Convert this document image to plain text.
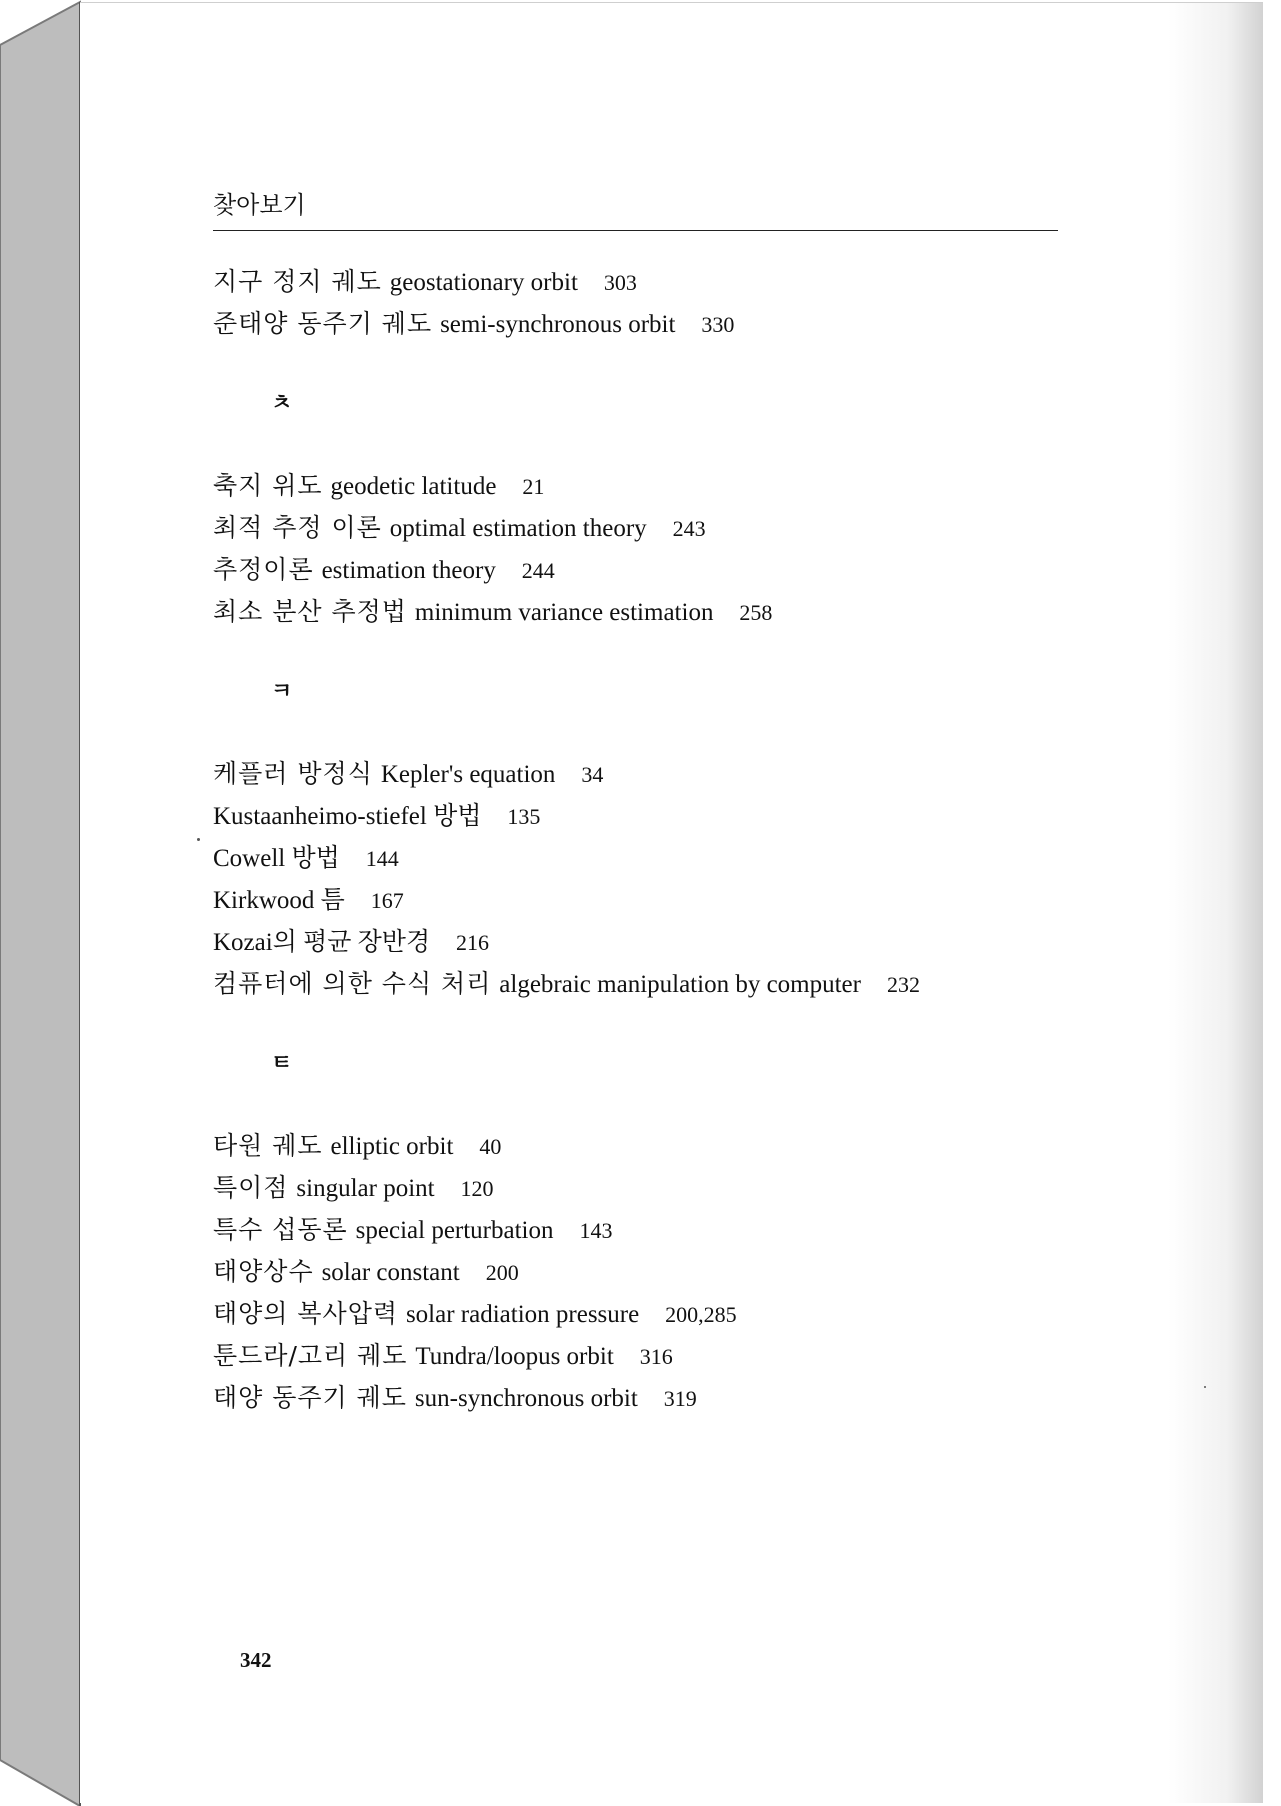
찾아보기
지구 정지 궤도 geostationary orbit 303
준태양 동주기 궤도 semi-synchronous orbit 330
ㅊ
축지 위도 geodetic latitude 21
최적 추정 이론 optimal estimation theory 243
추정이론 estimation theory 244
최소 분산 추정법 minimum variance estimation 258
ㅋ
케플러 방정식 Kepler's equation 34
Kustaanheimo-stiefel 방법 135
Cowell 방법 144
Kirkwood 틈 167
Kozai의 평균 장반경 216
컴퓨터에 의한 수식 처리 algebraic manipulation by computer 232
ㅌ
타원 궤도 elliptic orbit 40
특이점 singular point 120
특수 섭동론 special perturbation 143
태양상수 solar constant 200
태양의 복사압력 solar radiation pressure 200,285
툰드라/고리 궤도 Tundra/loopus orbit 316
태양 동주기 궤도 sun-synchronous orbit 319
342
